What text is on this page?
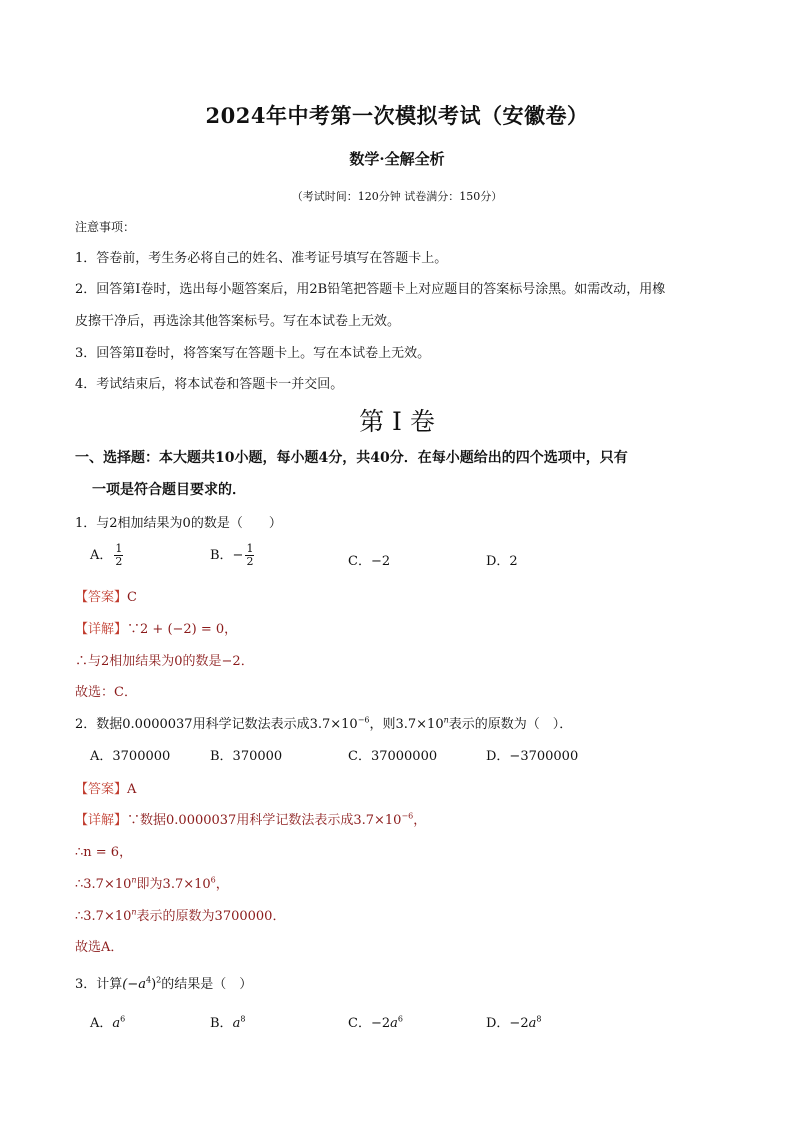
2024年中考第一次模拟考试（安徽卷）
数学·全解全析
（考试时间：120分钟 试卷满分：150分）
注意事项：
1．答卷前，考生务必将自己的姓名、准考证号填写在答题卡上。
2．回答第Ⅰ卷时，选出每小题答案后，用2B铅笔把答题卡上对应题目的答案标号涂黑。如需改动，用橡
皮擦干净后，再选涂其他答案标号。写在本试卷上无效。
3．回答第Ⅱ卷时，将答案写在答题卡上。写在本试卷上无效。
4．考试结束后，将本试卷和答题卡一并交回。
第 I 卷
一、选择题：本大题共10小题，每小题4分，共40分．在每小题给出的四个选项中，只有
一项是符合题目要求的．
1．与2相加结果为0的数是（　　）
A． $\frac{1}{2}$	B．− $\frac{1}{2}$	C．−2	D．2
【答案】C
【详解】∵2 + (−2) = 0，
∴与2相加结果为0的数是−2．
故选：C．
2．数据0.0000037用科学记数法表示成$3.7\times 10^{-6}$，则$3.7\times 10^n$表示的原数为（　）．
A．3700000	B．370000	C．37000000	D．−3700000
【答案】A
【详解】∵数据0.0000037用科学记数法表示成$3.7\times 10^{-6}$，
∴n = 6，
$\therefore 3.7\times 10^n$即为$3.7\times 10^6$，
$\therefore 3.7\times 10^n$表示的原数为3700000．
故选A．
3．计算$(-a^4)^2$的结果是（　）
A．$a^6$	B．$a^8$	C．$-2a^6$	D．$-2a^8$
